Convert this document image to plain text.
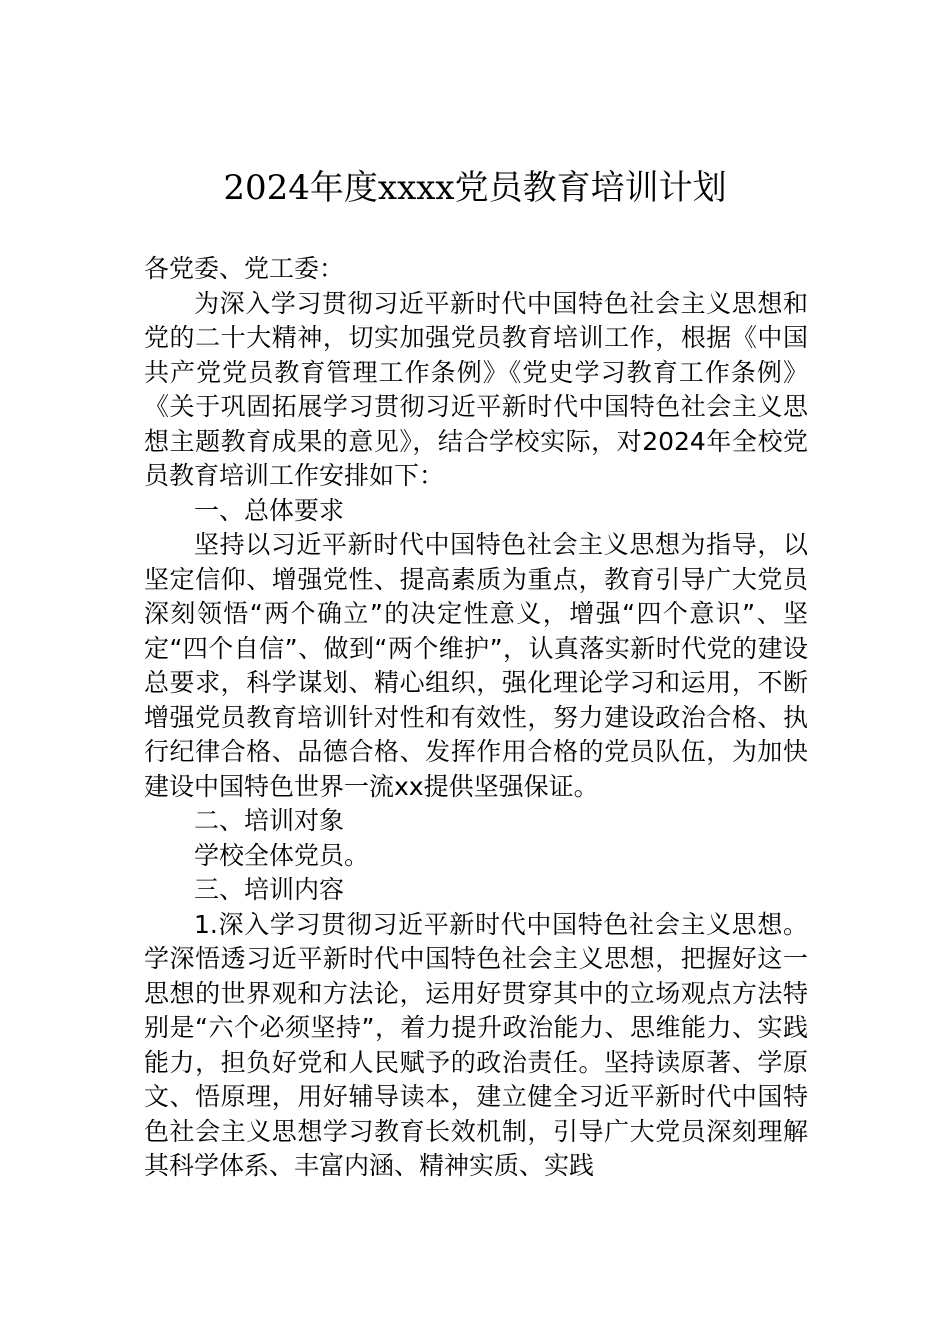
2024年度xxxx党员教育培训计划

各党委、党工委：

为深入学习贯彻习近平新时代中国特色社会主义思想和党的二十大精神，切实加强党员教育培训工作，根据《中国共产党党员教育管理工作条例》《党史学习教育工作条例》《关于巩固拓展学习贯彻习近平新时代中国特色社会主义思想主题教育成果的意见》，结合学校实际，对2024年全校党员教育培训工作安排如下：

一、总体要求

坚持以习近平新时代中国特色社会主义思想为指导，以坚定信仰、增强党性、提高素质为重点，教育引导广大党员深刻领悟“两个确立”的决定性意义，增强“四个意识”、坚定“四个自信”、做到“两个维护”，认真落实新时代党的建设总要求，科学谋划、精心组织，强化理论学习和运用，不断增强党员教育培训针对性和有效性，努力建设政治合格、执行纪律合格、品德合格、发挥作用合格的党员队伍，为加快建设中国特色世界一流xx提供坚强保证。

二、培训对象

学校全体党员。

三、培训内容

1.深入学习贯彻习近平新时代中国特色社会主义思想。学深悟透习近平新时代中国特色社会主义思想，把握好这一思想的世界观和方法论，运用好贯穿其中的立场观点方法特别是“六个必须坚持”，着力提升政治能力、思维能力、实践能力，担负好党和人民赋予的政治责任。坚持读原著、学原文、悟原理，用好辅导读本，建立健全习近平新时代中国特色社会主义思想学习教育长效机制，引导广大党员深刻理解其科学体系、丰富内涵、精神实质、实践
